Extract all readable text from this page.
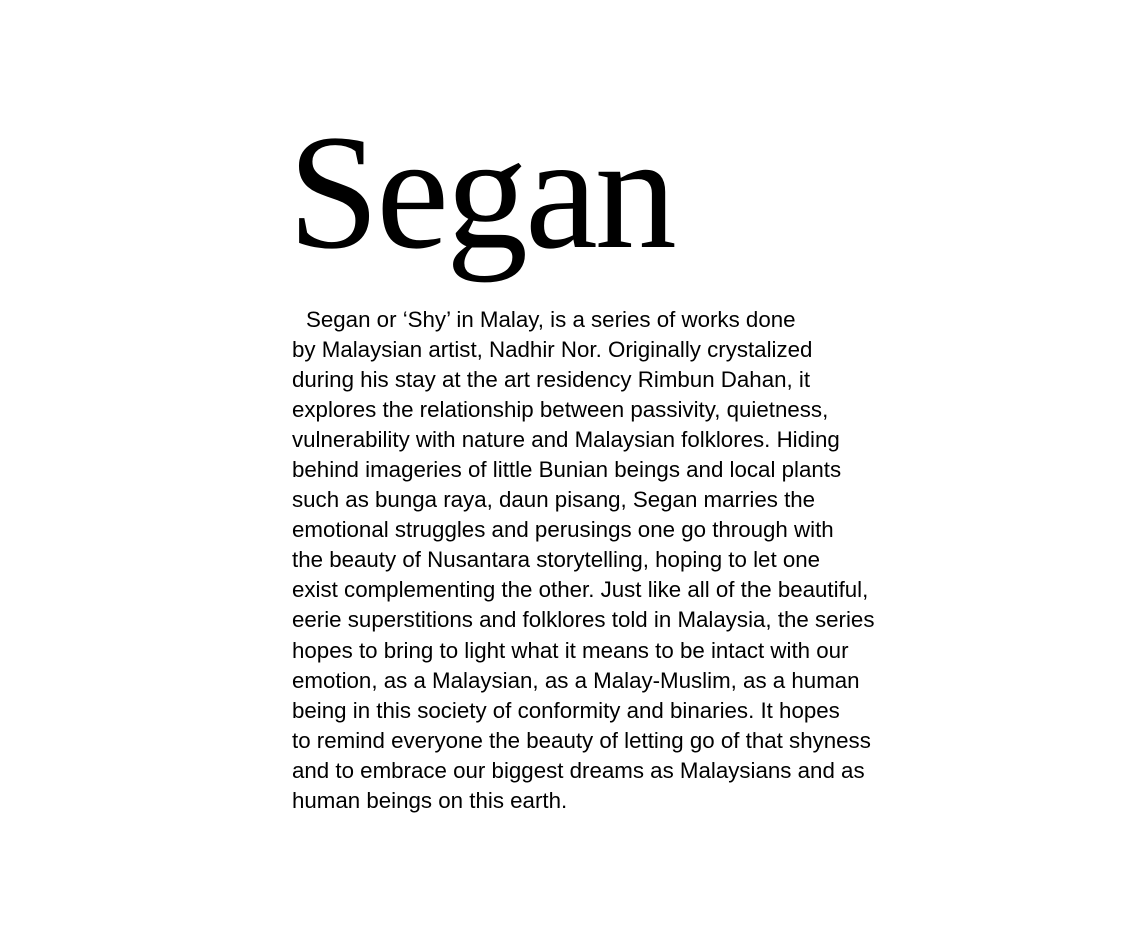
Segan

Segan or ‘Shy’ in Malay, is a series of works done
by Malaysian artist, Nadhir Nor. Originally crystalized
during his stay at the art residency Rimbun Dahan, it
explores the relationship between passivity, quietness,
vulnerability with nature and Malaysian folklores. Hiding
behind imageries of little Bunian beings and local plants
such as bunga raya, daun pisang, Segan marries the
emotional struggles and perusings one go through with
the beauty of Nusantara storytelling, hoping to let one
exist complementing the other. Just like all of the beautiful,
eerie superstitions and folklores told in Malaysia, the series
hopes to bring to light what it means to be intact with our
emotion, as a Malaysian, as a Malay-Muslim, as a human
being in this society of conformity and binaries. It hopes
to remind everyone the beauty of letting go of that shyness
and to embrace our biggest dreams as Malaysians and as
human beings on this earth.
